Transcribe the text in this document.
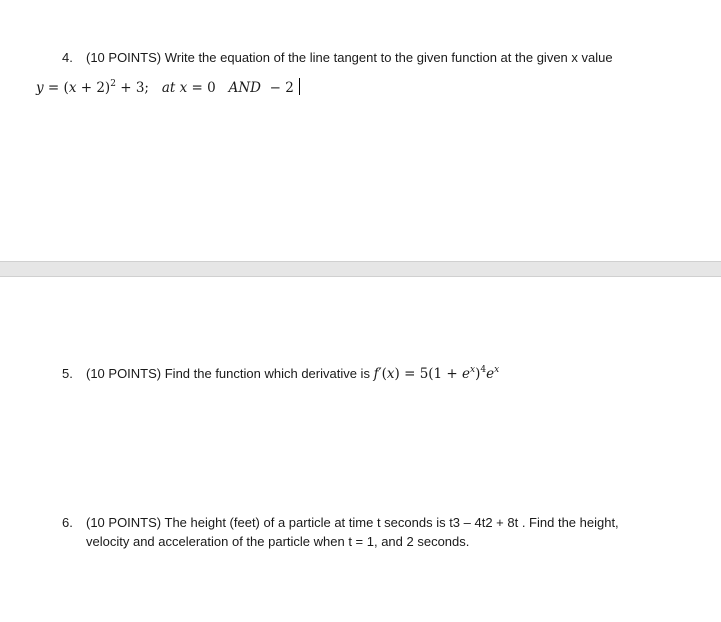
4. (10 POINTS) Write the equation of the line tangent to the given function at the given x value
$y = (x + 2)^2 + 3$; at x = 0 AND  − 2
5. (10 POINTS) Find the function which derivative is $f'(x) = 5(1 + e^x)^4e^x$
6. (10 POINTS) The height (feet) of a particle at time t seconds is t3 – 4t2 + 8t . Find the height,
velocity and acceleration of the particle when t = 1, and 2 seconds.
